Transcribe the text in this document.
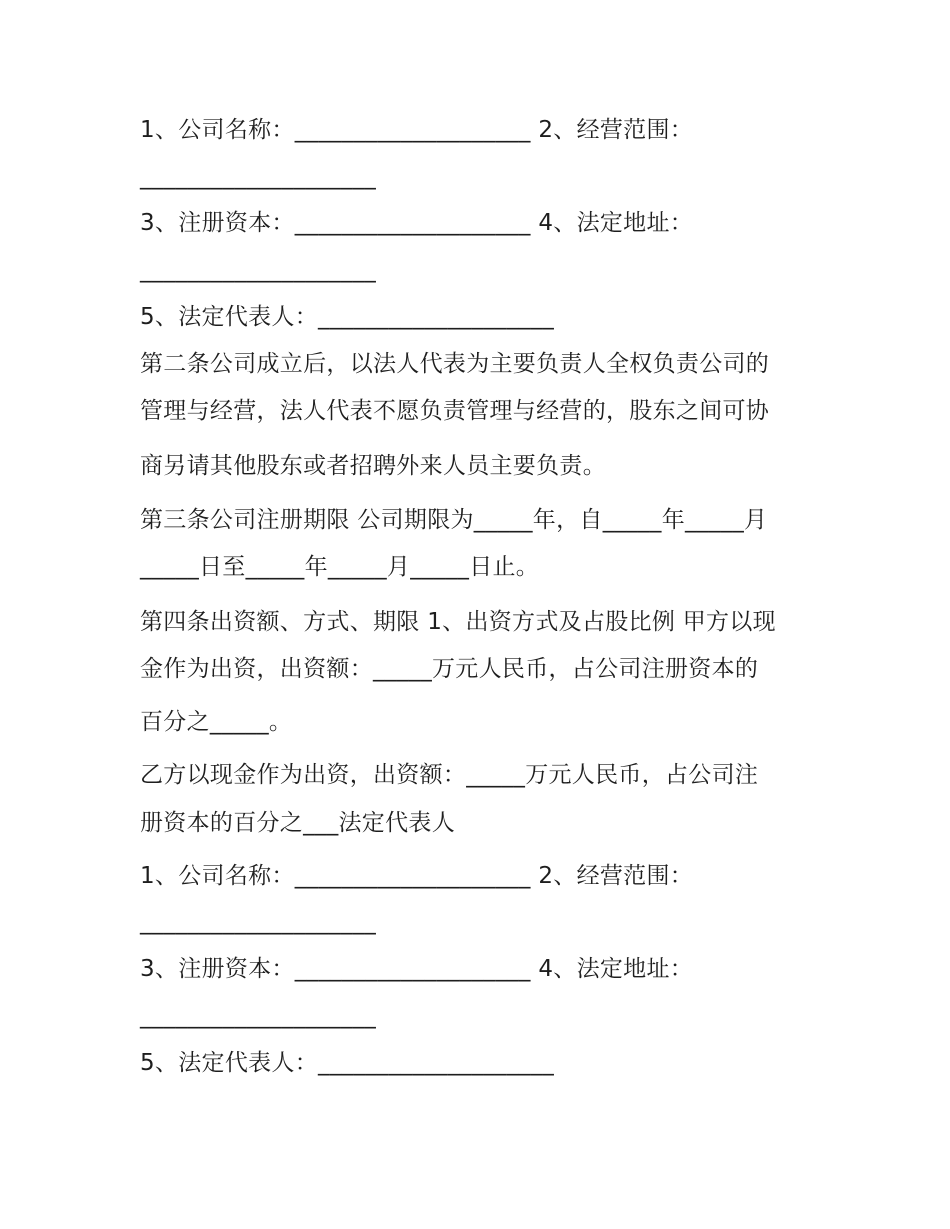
1、公司名称：____________________ 2、经营范围：
____________________
3、注册资本：____________________ 4、法定地址：
____________________
5、法定代表人：____________________
第二条公司成立后，以法人代表为主要负责人全权负责公司的
管理与经营，法人代表不愿负责管理与经营的，股东之间可协
商另请其他股东或者招聘外来人员主要负责。
第三条公司注册期限 公司期限为_____年，自_____年_____月
_____日至_____年_____月_____日止。
第四条出资额、方式、期限 1、出资方式及占股比例 甲方以现
金作为出资，出资额：_____万元人民币，占公司注册资本的
百分之_____。
乙方以现金作为出资，出资额：_____万元人民币，占公司注
册资本的百分之___法定代表人
1、公司名称：____________________ 2、经营范围：
____________________
3、注册资本：____________________ 4、法定地址：
____________________
5、法定代表人：____________________
